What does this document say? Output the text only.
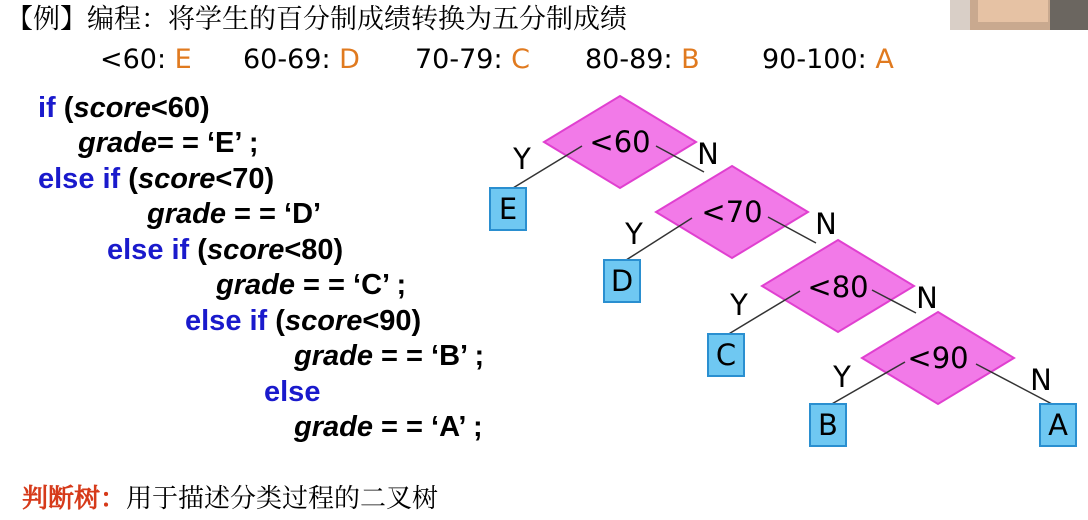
【例】编程：将学生的百分制成绩转换为五分制成绩
<60: E 60-69: D 70-79: C 80-89: B 90-100: A
if (score<60)
grade= = ‘E’ ;
else if (score<70)
grade = = ‘D’
else if (score<80)
grade = = ‘C’ ;
else if (score<90)
grade = = ‘B’ ;
else
grade = = ‘A’ ;
<60
<70
<80
<90
Y
Y
Y
Y
N
N
N
N
E
D
C
B	A
判断树：用于描述分类过程的二叉树
